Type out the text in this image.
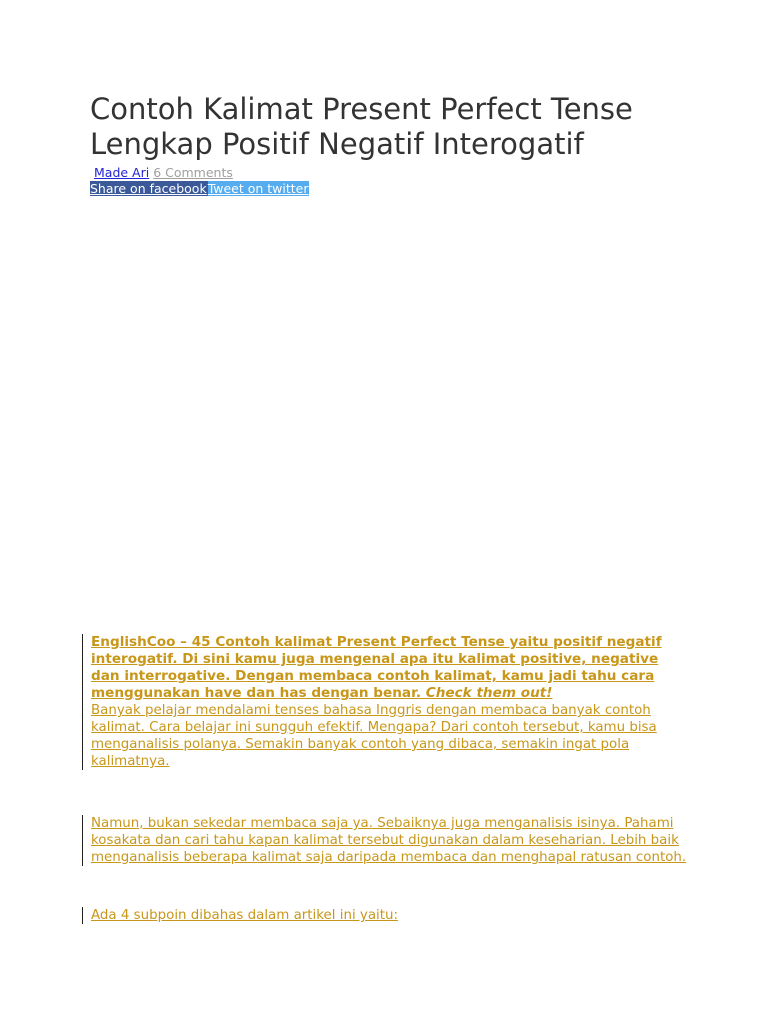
Contoh Kalimat Present Perfect Tense Lengkap Positif Negatif Interogatif
Made Ari 6 Comments
Share on facebook Tweet on twitter

EnglishCoo – 45 Contoh kalimat Present Perfect Tense yaitu positif negatif interogatif. Di sini kamu juga mengenal apa itu kalimat positive, negative dan interrogative. Dengan membaca contoh kalimat, kamu jadi tahu cara menggunakan have dan has dengan benar. Check them out!

Banyak pelajar mendalami tenses bahasa Inggris dengan membaca banyak contoh kalimat. Cara belajar ini sungguh efektif. Mengapa? Dari contoh tersebut, kamu bisa menganalisis polanya. Semakin banyak contoh yang dibaca, semakin ingat pola kalimatnya.

Namun, bukan sekedar membaca saja ya. Sebaiknya juga menganalisis isinya. Pahami kosakata dan cari tahu kapan kalimat tersebut digunakan dalam keseharian. Lebih baik menganalisis beberapa kalimat saja daripada membaca dan menghapal ratusan contoh.

Ada 4 subpoin dibahas dalam artikel ini yaitu:
